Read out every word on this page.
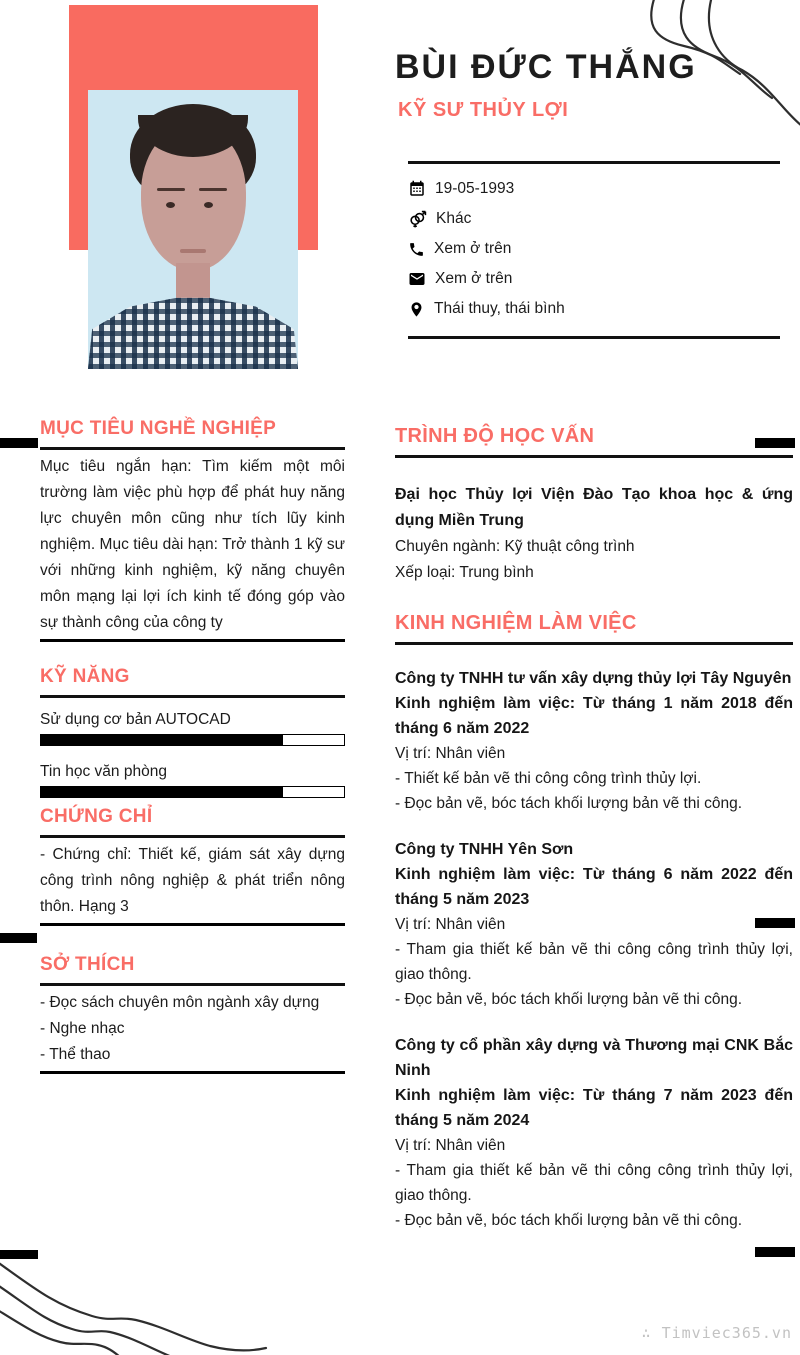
BÙI ĐỨC THẮNG
KỸ SƯ THỦY LỢI
19-05-1993
Khác
Xem ở trên
Xem ở trên
Thái thuy, thái bình
MỤC TIÊU NGHỀ NGHIỆP
Mục tiêu ngắn hạn: Tìm kiếm một môi trường làm việc phù hợp để phát huy năng lực chuyên môn cũng như tích lũy kinh nghiệm. Mục tiêu dài hạn: Trở thành 1 kỹ sư với những kinh nghiệm, kỹ năng chuyên môn mạng lại lợi ích kinh tế đóng góp vào sự thành công của công ty
KỸ NĂNG
Sử dụng cơ bản AUTOCAD
Tin học văn phòng
CHỨNG CHỈ
- Chứng chỉ: Thiết kế, giám sát xây dựng công trình nông nghiệp & phát triển nông thôn. Hạng 3
SỞ THÍCH
- Đọc sách chuyên môn ngành xây dựng
- Nghe nhạc
- Thể thao
TRÌNH ĐỘ HỌC VẤN
Đại học Thủy lợi Viện Đào Tạo khoa học & ứng dụng Miền Trung
Chuyên ngành: Kỹ thuật công trình
Xếp loại: Trung bình
KINH NGHIỆM LÀM VIỆC
Công ty TNHH tư vấn xây dựng thủy lợi Tây Nguyên
Kinh nghiệm làm việc: Từ tháng 1 năm 2018 đến tháng 6 năm 2022
Vị trí: Nhân viên
- Thiết kế bản vẽ thi công công trình thủy lợi.
- Đọc bản vẽ, bóc tách khối lượng bản vẽ thi công.
Công ty TNHH Yên Sơn
Kinh nghiệm làm việc: Từ tháng 6 năm 2022 đến tháng 5 năm 2023
Vị trí: Nhân viên
- Tham gia thiết kế bản vẽ thi công công trình thủy lợi, giao thông.
- Đọc bản vẽ, bóc tách khối lượng bản vẽ thi công.
Công ty cổ phần xây dựng và Thương mại CNK Bắc Ninh
Kinh nghiệm làm việc: Từ tháng 7 năm 2023 đến tháng 5 năm 2024
Vị trí: Nhân viên
- Tham gia thiết kế bản vẽ thi công công trình thủy lợi, giao thông.
- Đọc bản vẽ, bóc tách khối lượng bản vẽ thi công.
∴ Timviec365.vn
